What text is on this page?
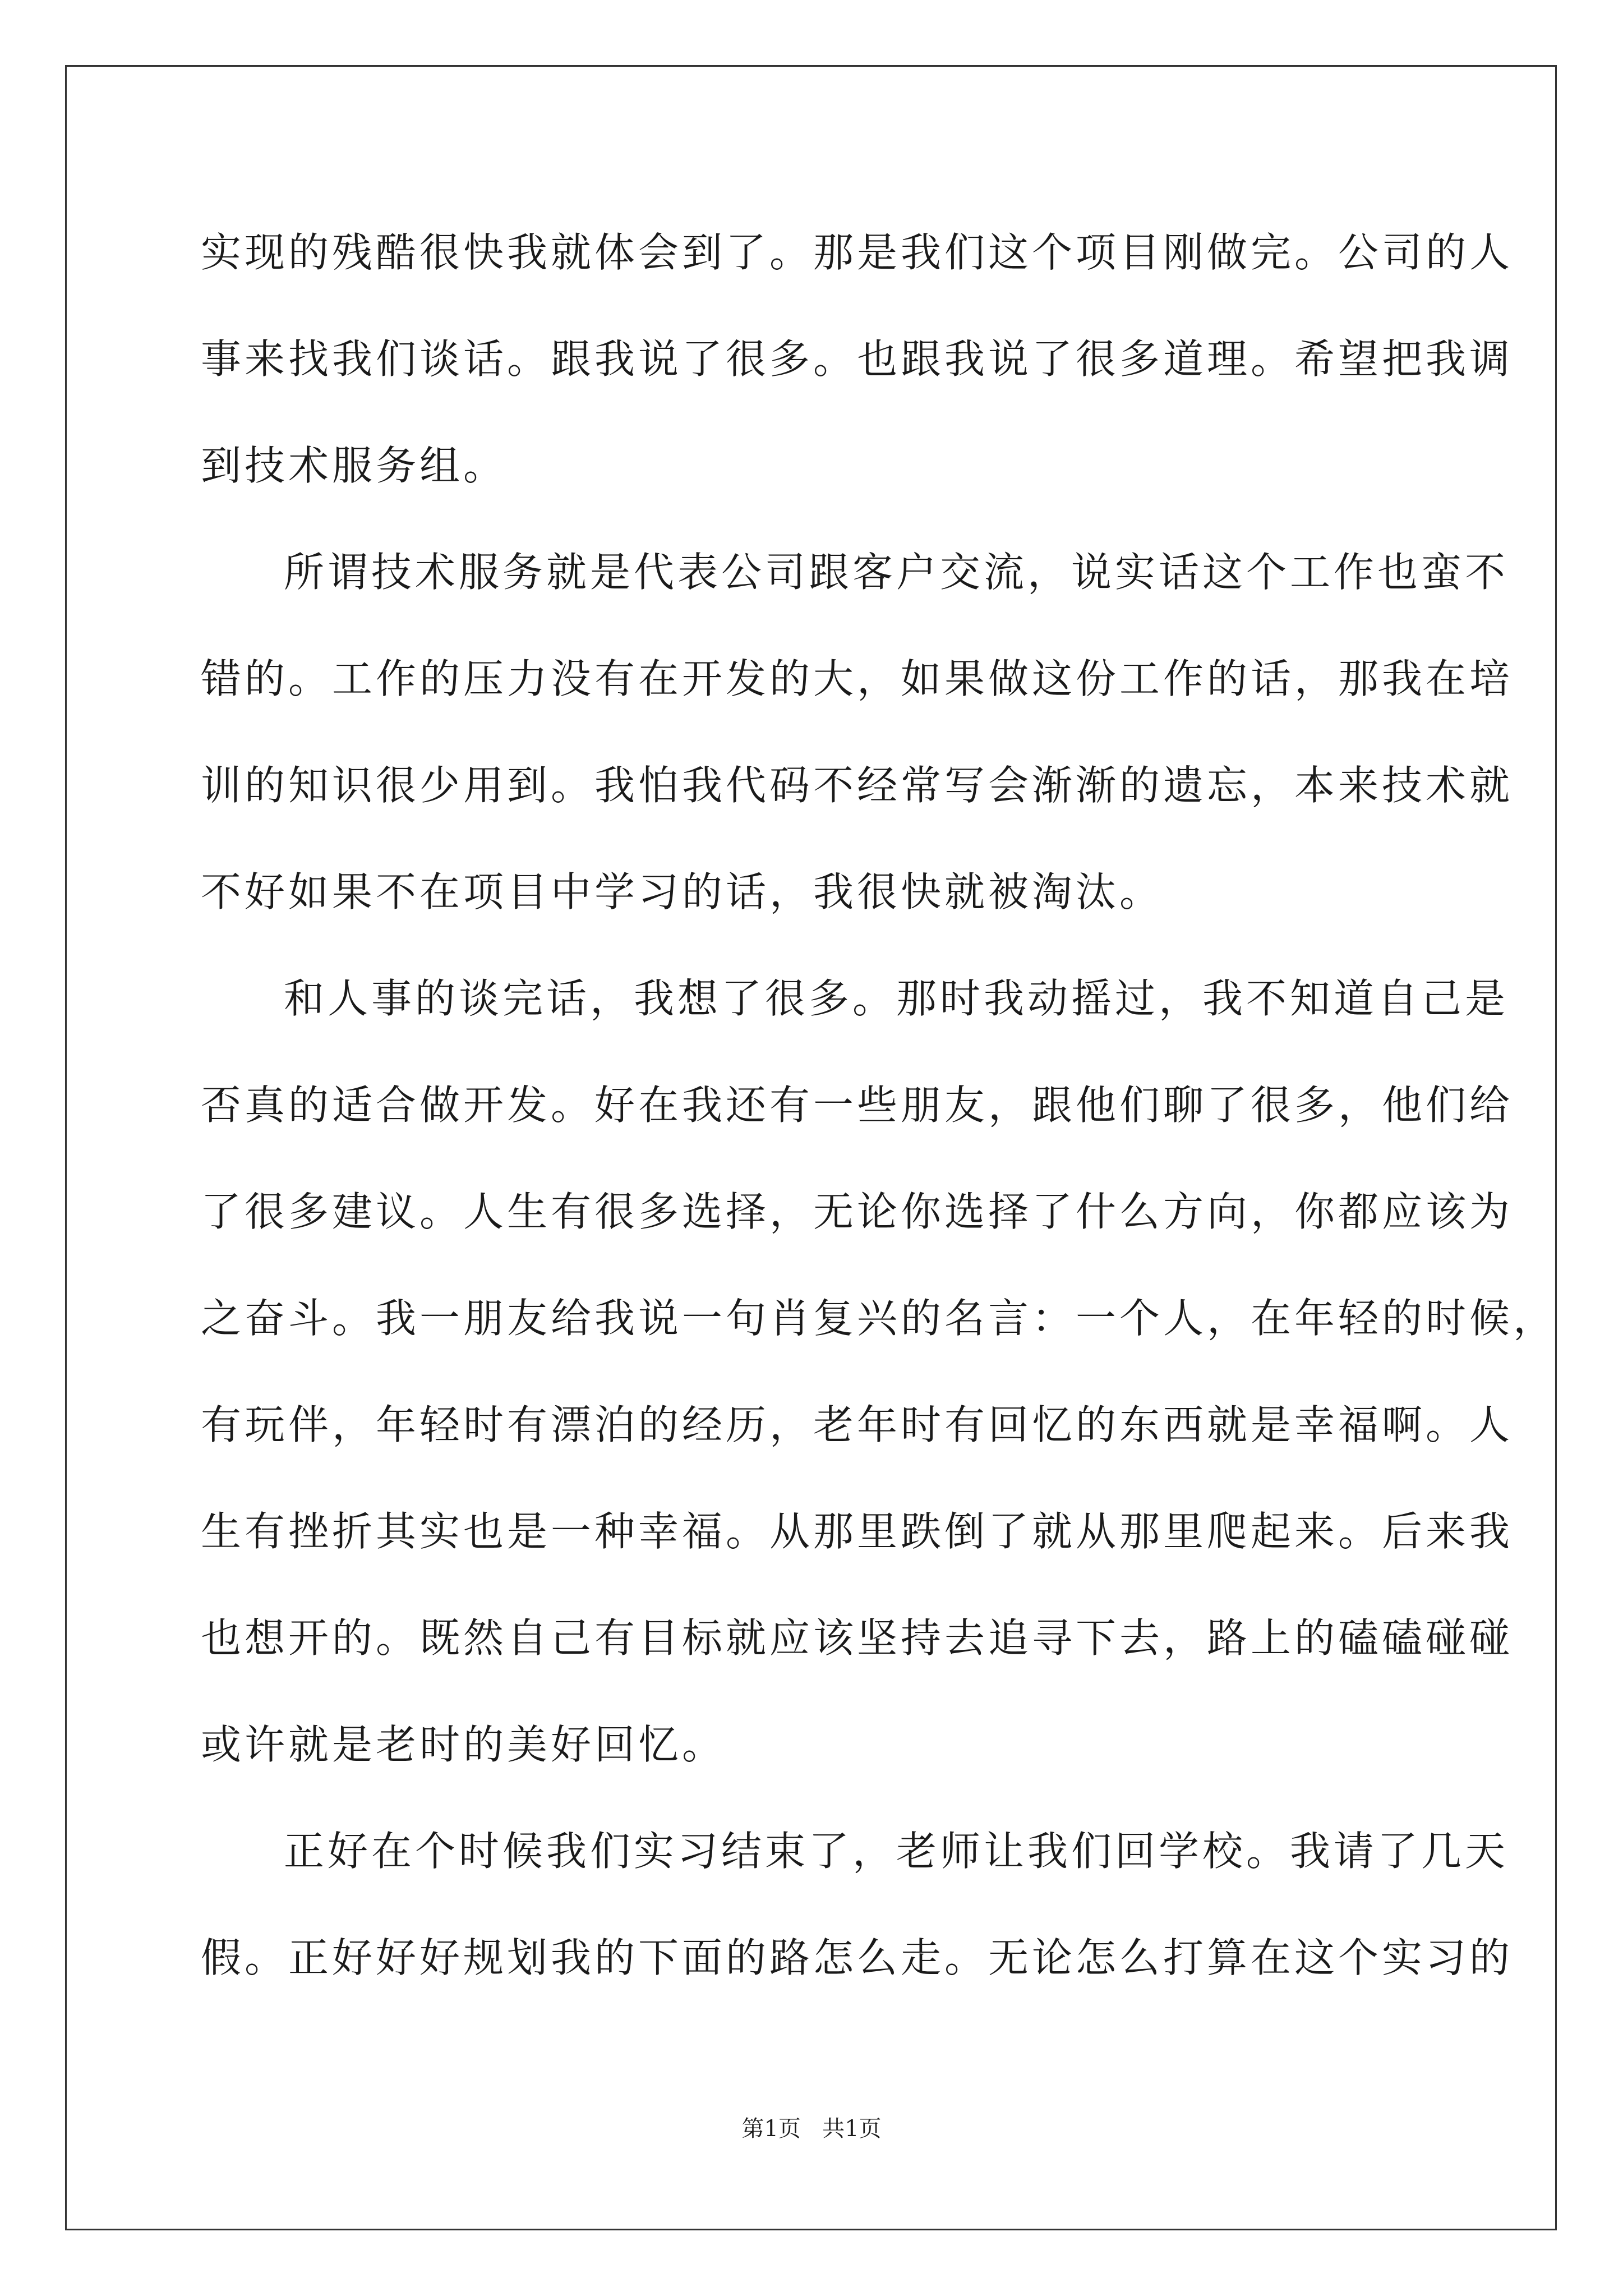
实现的残酷很快我就体会到了。那是我们这个项目刚做完。公司的人
事来找我们谈话。跟我说了很多。也跟我说了很多道理。希望把我调
到技术服务组。
所谓技术服务就是代表公司跟客户交流，说实话这个工作也蛮不
错的。工作的压力没有在开发的大，如果做这份工作的话，那我在培
训的知识很少用到。我怕我代码不经常写会渐渐的遗忘，本来技术就
不好如果不在项目中学习的话，我很快就被淘汰。
和人事的谈完话，我想了很多。那时我动摇过，我不知道自己是
否真的适合做开发。好在我还有一些朋友，跟他们聊了很多，他们给
了很多建议。人生有很多选择，无论你选择了什么方向，你都应该为
之奋斗。我一朋友给我说一句肖复兴的名言：一个人，在年轻的时候，
有玩伴，年轻时有漂泊的经历，老年时有回忆的东西就是幸福啊。人
生有挫折其实也是一种幸福。从那里跌倒了就从那里爬起来。后来我
也想开的。既然自己有目标就应该坚持去追寻下去，路上的磕磕碰碰
或许就是老时的美好回忆。
正好在个时候我们实习结束了，老师让我们回学校。我请了几天
假。正好好好规划我的下面的路怎么走。无论怎么打算在这个实习的
第1页 共1页
